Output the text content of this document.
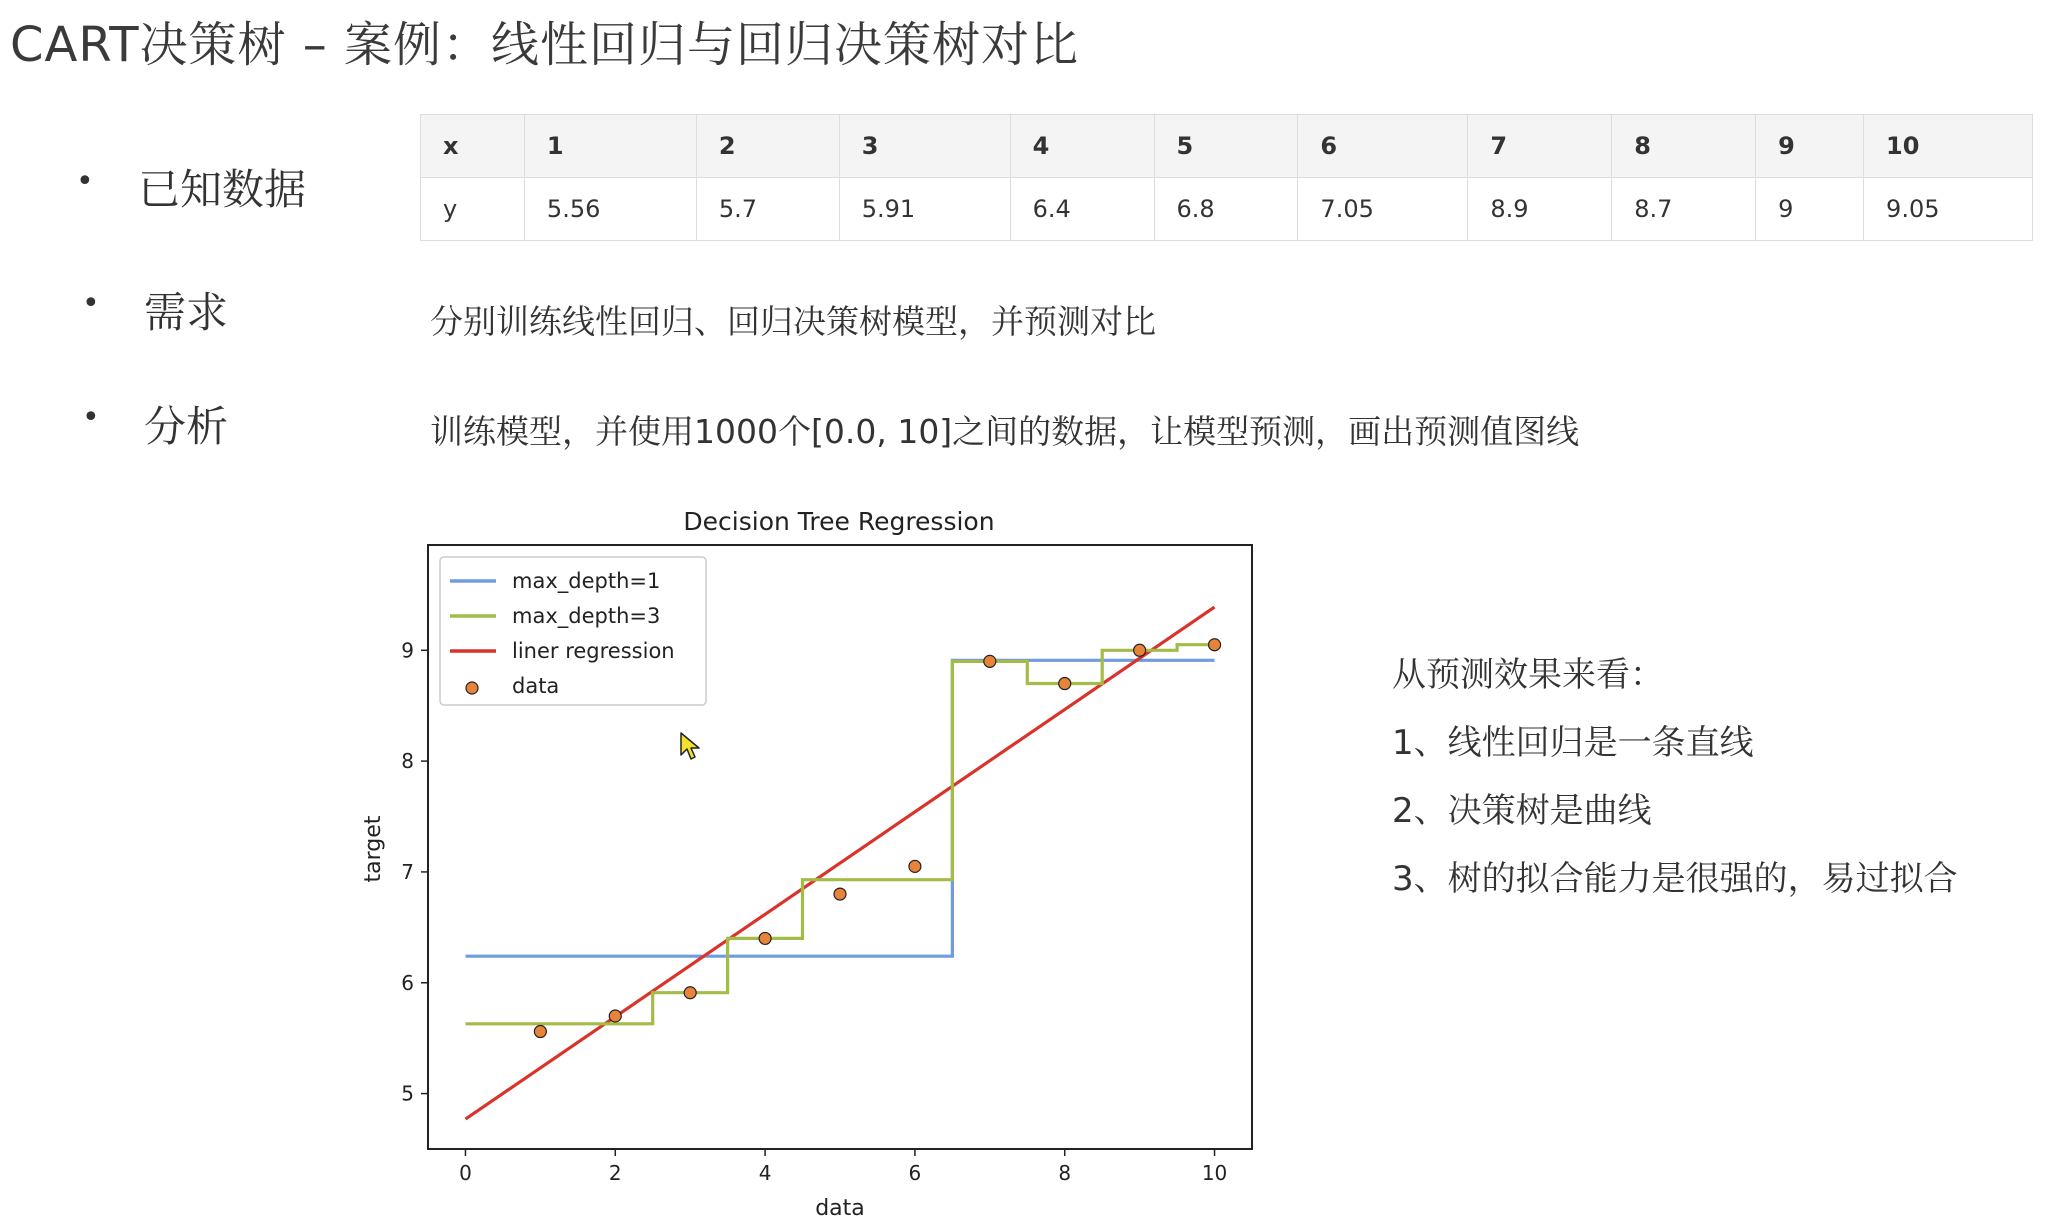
CART决策树 – 案例：线性回归与回归决策树对比
• 已知数据
• 需求	分别训练线性回归、回归决策树模型，并预测对比
• 分析	训练模型，并使用1000个[0.0, 10]之间的数据，让模型预测，画出预测值图线
x	1	2	3	4	5	6	7	8	9	10
y	5.56	5.7	5.91	6.4	6.8	7.05	8.9	8.7	9	9.05
Decision Tree Regression
0	2	4	6	8	10
5
6
7
8
9
data
target
max_depth=1
max_depth=3
liner regression
data	从预测效果来看：
1、线性回归是一条直线
2、决策树是曲线
3、树的拟合能力是很强的，易过拟合
